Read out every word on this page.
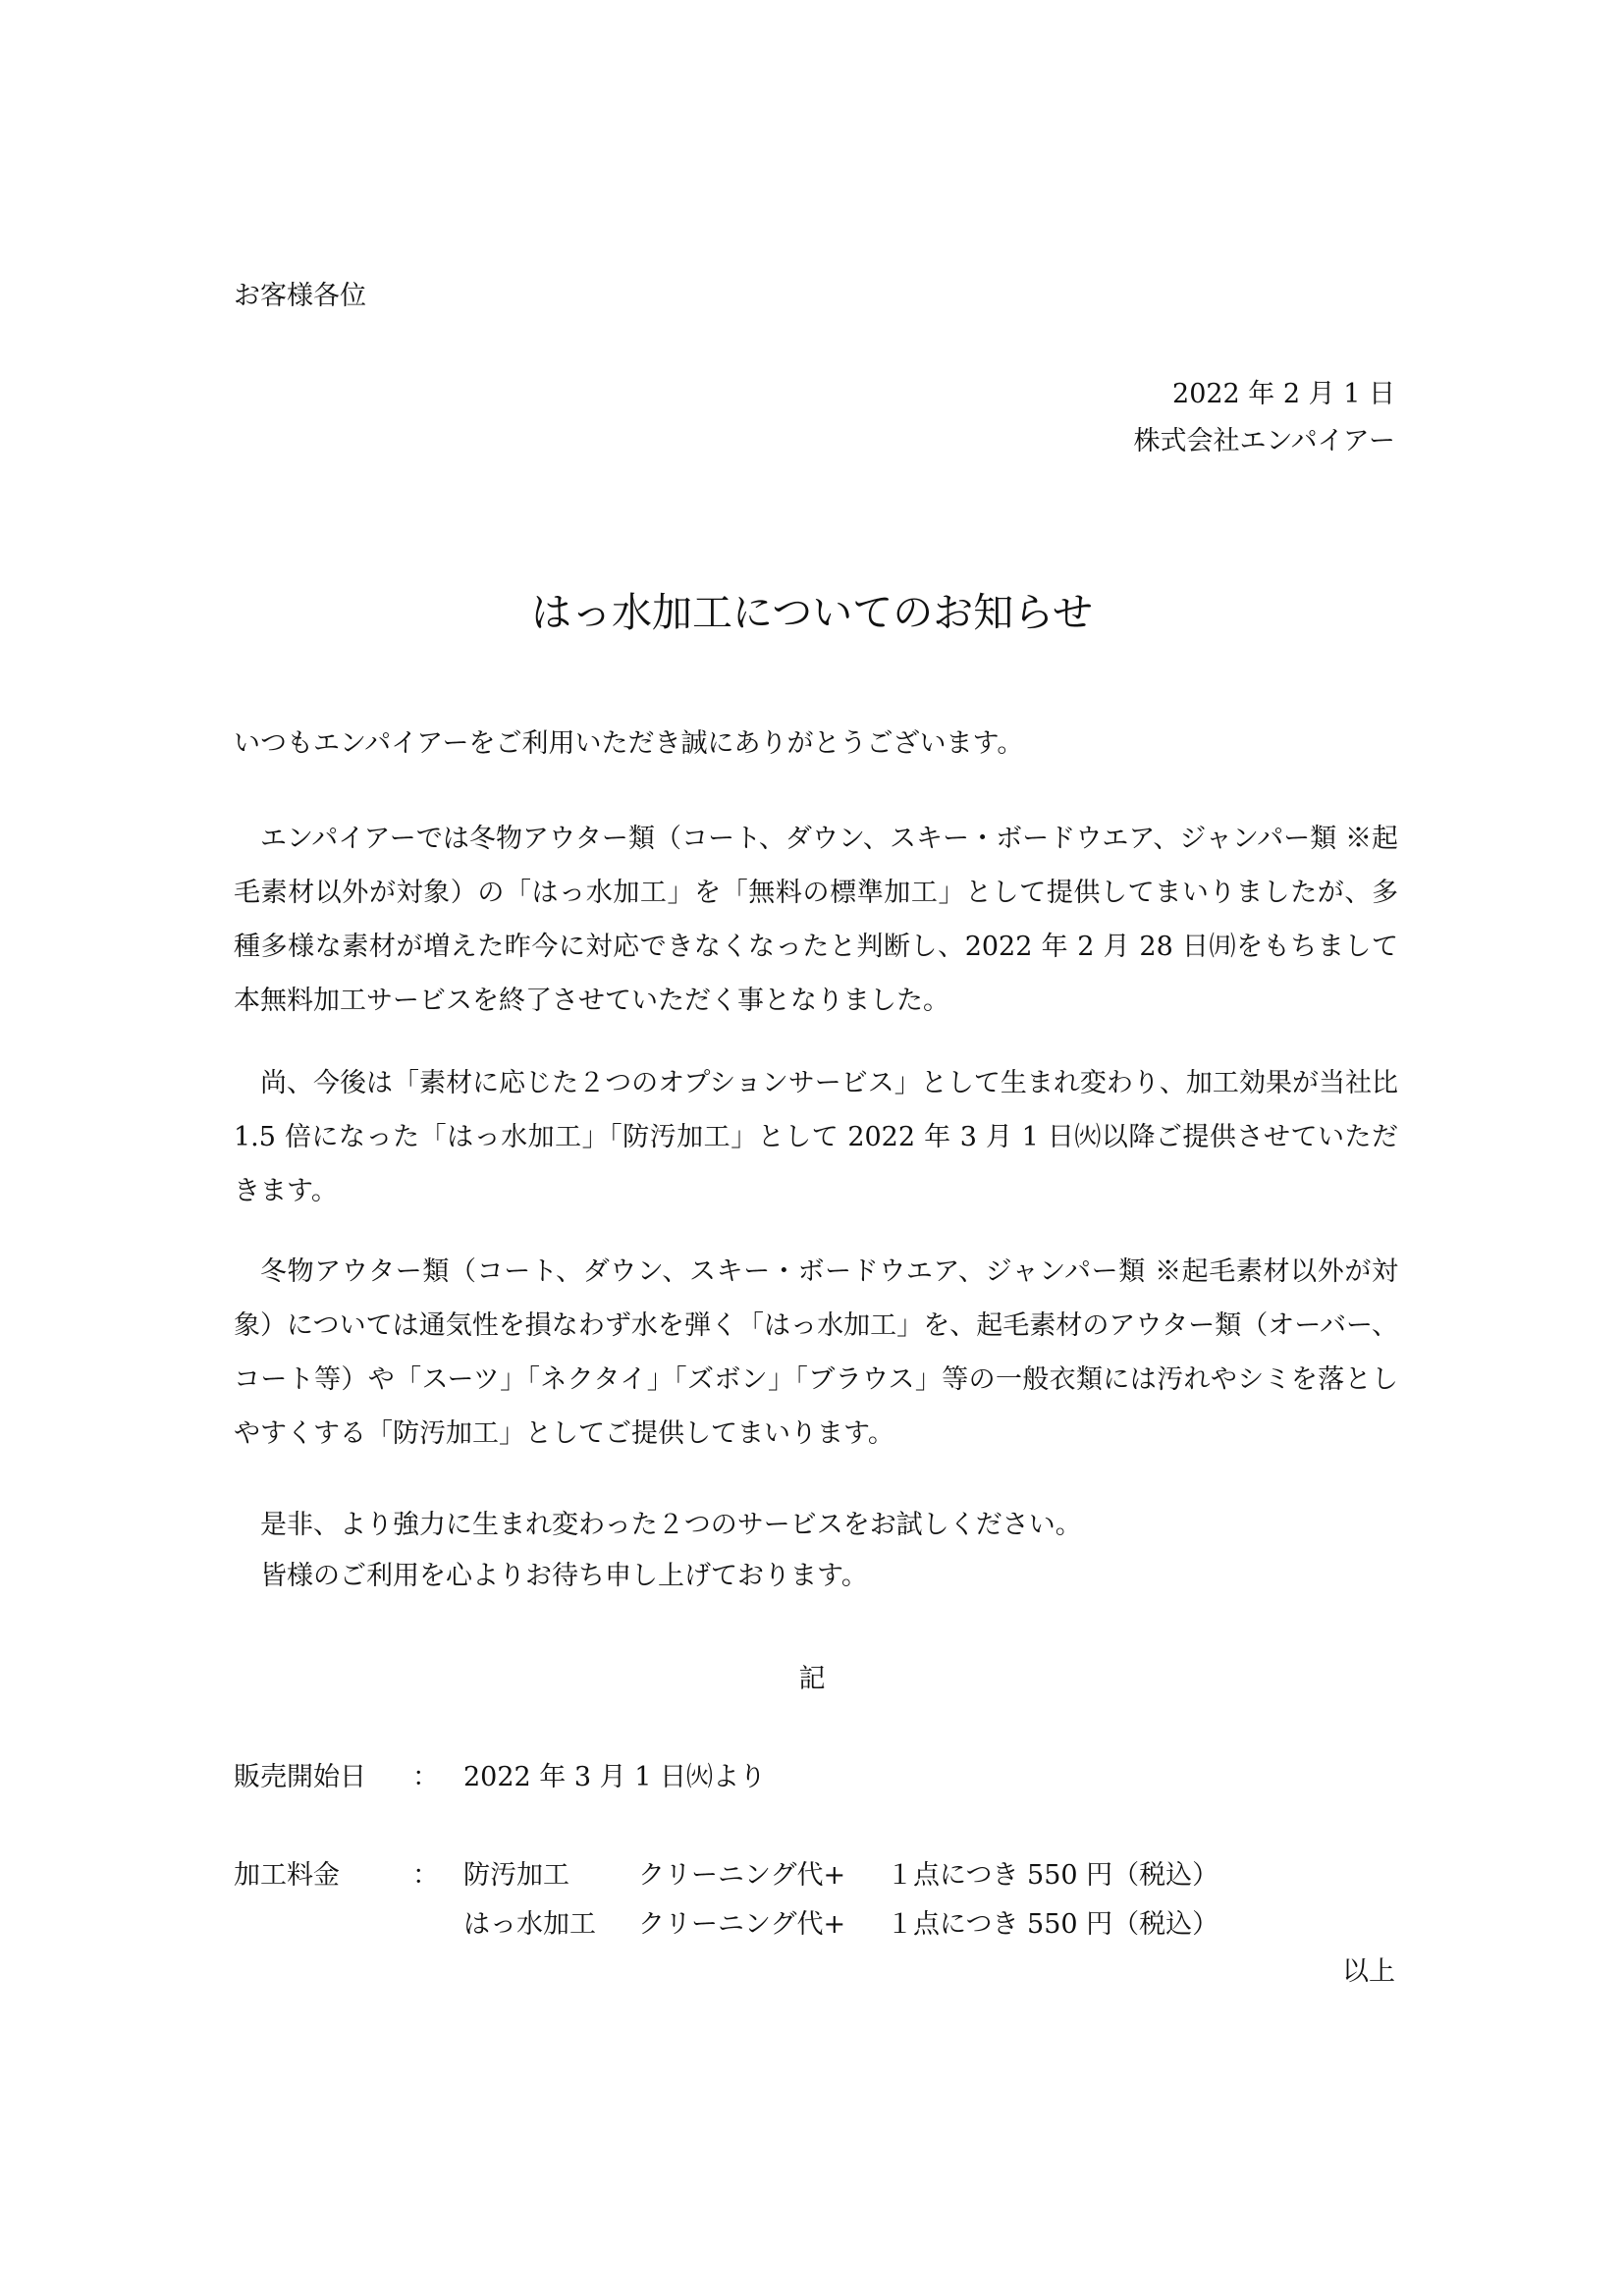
お客様各位
2022 年 2 月 1 日
株式会社エンパイアー
はっ水加工についてのお知らせ
いつもエンパイアーをご利用いただき誠にありがとうございます。
エンパイアーでは冬物アウター類（コート、ダウン、スキー・ボードウエア、ジャンパー類 ※起毛素材以外が対象）の「はっ水加工」を「無料の標準加工」として提供してまいりましたが、多種多様な素材が増えた昨今に対応できなくなったと判断し、2022 年 2 月 28 日㈪をもちまして本無料加工サービスを終了させていただく事となりました。
尚、今後は「素材に応じた２つのオプションサービス」として生まれ変わり、加工効果が当社比 1.5 倍になった「はっ水加工」「防汚加工」として 2022 年 3 月 1 日㈫以降ご提供させていただきます。
冬物アウター類（コート、ダウン、スキー・ボードウエア、ジャンパー類 ※起毛素材以外が対象）については通気性を損なわず水を弾く「はっ水加工」を、起毛素材のアウター類（オーバー、コート等）や「スーツ」「ネクタイ」「ズボン」「ブラウス」等の一般衣類には汚れやシミを落としやすくする「防汚加工」としてご提供してまいります。
是非、より強力に生まれ変わった２つのサービスをお試しください。
皆様のご利用を心よりお待ち申し上げております。
記
販売開始日 ： 2022 年 3 月 1 日㈫より
加工料金	： 防汚加工	クリーニング代+ １点につき 550 円（税込）
はっ水加工 クリーニング代+ １点につき 550 円（税込）
以上
